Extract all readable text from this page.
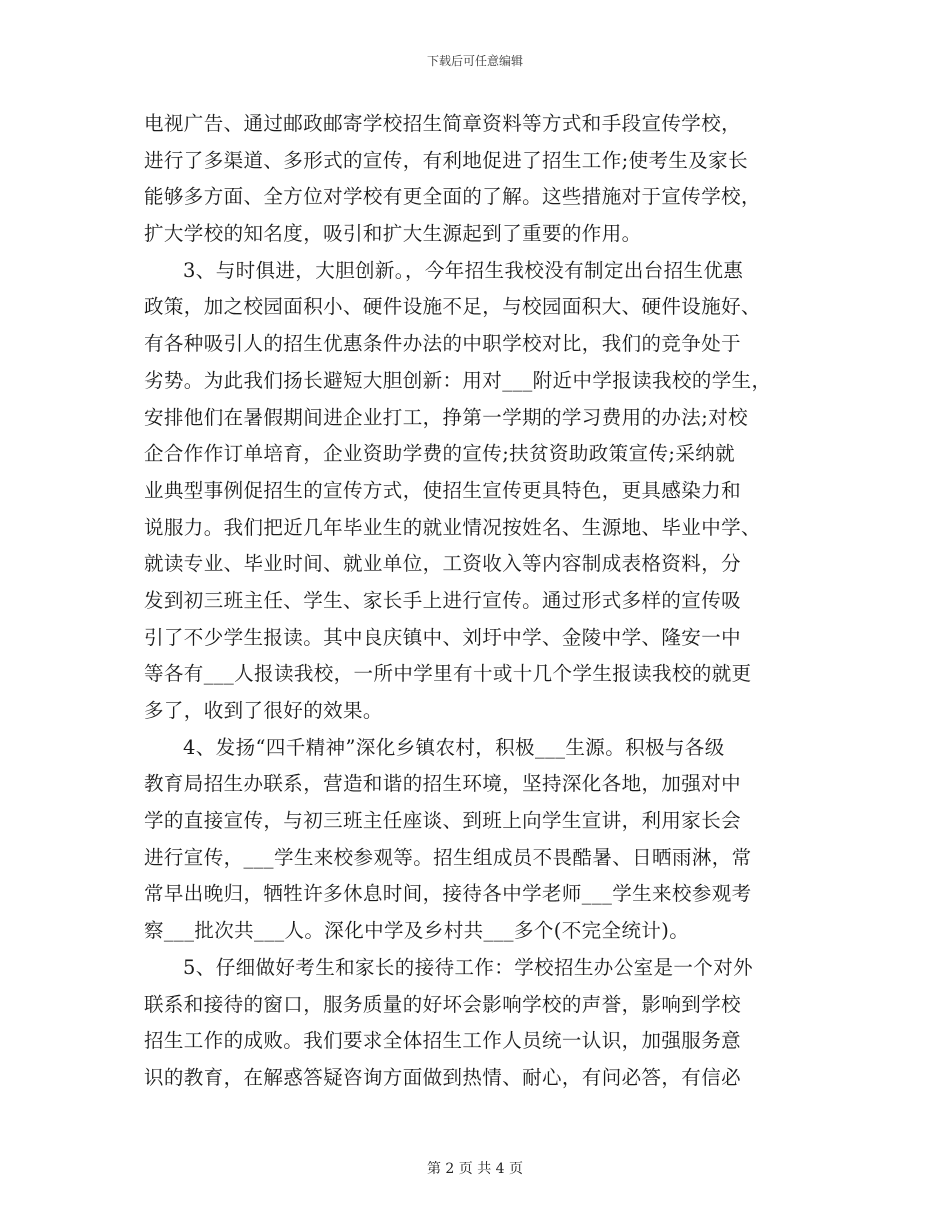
下载后可任意编辑
电视广告、通过邮政邮寄学校招生简章资料等方式和手段宣传学校，
进行了多渠道、多形式的宣传，有利地促进了招生工作;使考生及家长
能够多方面、全方位对学校有更全面的了解。这些措施对于宣传学校，
扩大学校的知名度，吸引和扩大生源起到了重要的作用。
3、与时俱进，大胆创新。，今年招生我校没有制定出台招生优惠
政策，加之校园面积小、硬件设施不足，与校园面积大、硬件设施好、
有各种吸引人的招生优惠条件办法的中职学校对比，我们的竞争处于
劣势。为此我们扬长避短大胆创新：用对___附近中学报读我校的学生，
安排他们在暑假期间进企业打工，挣第一学期的学习费用的办法;对校
企合作作订单培育，企业资助学费的宣传;扶贫资助政策宣传;采纳就
业典型事例促招生的宣传方式，使招生宣传更具特色，更具感染力和
说服力。我们把近几年毕业生的就业情况按姓名、生源地、毕业中学、
就读专业、毕业时间、就业单位，工资收入等内容制成表格资料，分
发到初三班主任、学生、家长手上进行宣传。通过形式多样的宣传吸
引了不少学生报读。其中良庆镇中、刘圩中学、金陵中学、隆安一中
等各有___人报读我校，一所中学里有十或十几个学生报读我校的就更
多了，收到了很好的效果。
4、发扬“四千精神”深化乡镇农村，积极___生源。积极与各级
教育局招生办联系，营造和谐的招生环境，坚持深化各地，加强对中
学的直接宣传，与初三班主任座谈、到班上向学生宣讲，利用家长会
进行宣传，___学生来校参观等。招生组成员不畏酷暑、日晒雨淋，常
常早出晚归，牺牲许多休息时间，接待各中学老师___学生来校参观考
察___批次共___人。深化中学及乡村共___多个(不完全统计)。
5、仔细做好考生和家长的接待工作：学校招生办公室是一个对外
联系和接待的窗口，服务质量的好坏会影响学校的声誉，影响到学校
招生工作的成败。我们要求全体招生工作人员统一认识，加强服务意
识的教育，在解惑答疑咨询方面做到热情、耐心，有问必答，有信必
第 2 页 共 4 页
